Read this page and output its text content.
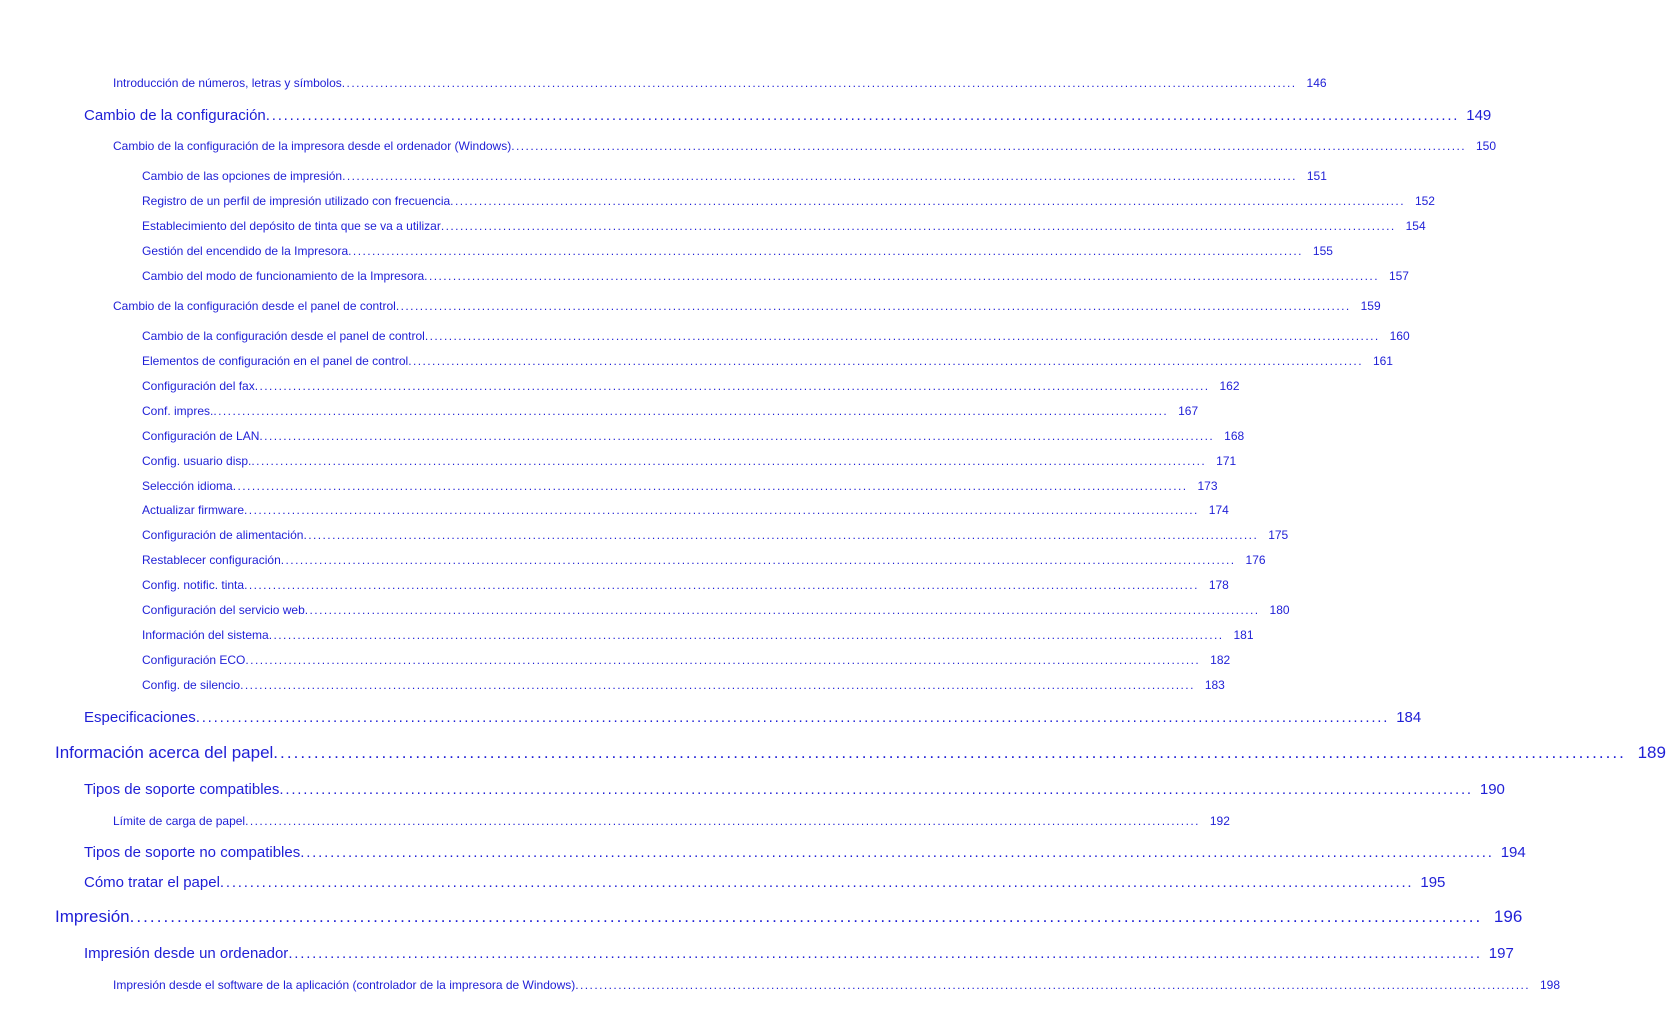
Introducción de números, letras y símbolos ........................................................................................................................................................................................................ 146
Cambio de la configuración ........................................................................................................................................................................................................ 149
Cambio de la configuración de la impresora desde el ordenador (Windows) ........................................................................................................................................................................................................ 150
Cambio de las opciones de impresión ........................................................................................................................................................................................................ 151
Registro de un perfil de impresión utilizado con frecuencia ........................................................................................................................................................................................................ 152
Establecimiento del depósito de tinta que se va a utilizar ........................................................................................................................................................................................................ 154
Gestión del encendido de la Impresora ........................................................................................................................................................................................................ 155
Cambio del modo de funcionamiento de la Impresora ........................................................................................................................................................................................................ 157
Cambio de la configuración desde el panel de control ........................................................................................................................................................................................................ 159
Cambio de la configuración desde el panel de control ........................................................................................................................................................................................................ 160
Elementos de configuración en el panel de control ........................................................................................................................................................................................................ 161
Configuración del fax ........................................................................................................................................................................................................ 162
Conf. impres. ........................................................................................................................................................................................................ 167
Configuración de LAN ........................................................................................................................................................................................................ 168
Config. usuario disp. ........................................................................................................................................................................................................ 171
Selección idioma ........................................................................................................................................................................................................ 173
Actualizar firmware ........................................................................................................................................................................................................ 174
Configuración de alimentación ........................................................................................................................................................................................................ 175
Restablecer configuración ........................................................................................................................................................................................................ 176
Config. notific. tinta ........................................................................................................................................................................................................ 178
Configuración del servicio web ........................................................................................................................................................................................................ 180
Información del sistema ........................................................................................................................................................................................................ 181
Configuración ECO ........................................................................................................................................................................................................ 182
Config. de silencio ........................................................................................................................................................................................................ 183
Especificaciones ........................................................................................................................................................................................................ 184
Información acerca del papel ........................................................................................................................................................................................................ 189
Tipos de soporte compatibles ........................................................................................................................................................................................................ 190
Límite de carga de papel ........................................................................................................................................................................................................ 192
Tipos de soporte no compatibles ........................................................................................................................................................................................................ 194
Cómo tratar el papel ........................................................................................................................................................................................................ 195
Impresión ........................................................................................................................................................................................................ 196
Impresión desde un ordenador ........................................................................................................................................................................................................ 197
Impresión desde el software de la aplicación (controlador de la impresora de Windows) ........................................................................................................................................................................................................ 198
